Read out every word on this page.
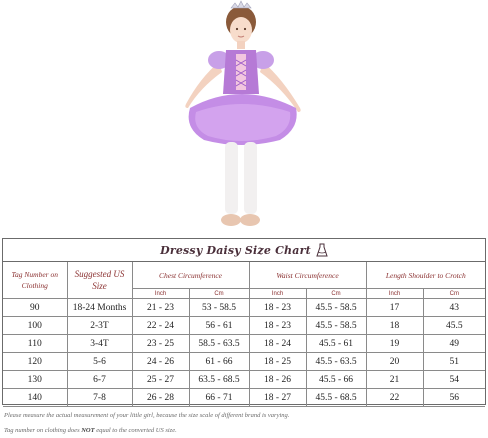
Dressy Daisy Size Chart
Tag Number on Clothing	Suggested US Size	Chest Circumference		Waist Circumference		Length Shoulder to Crotch	
		Inch	Cm	Inch	Cm	Inch	Cm
90	18-24 Months	21 - 23	53 - 58.5	18 - 23	45.5 - 58.5	17	43
100	2-3T	22 - 24	56 - 61	18 - 23	45.5 - 58.5	18	45.5
110	3-4T	23 - 25	58.5 - 63.5	18 - 24	45.5 - 61	19	49
120	5-6	24 - 26	61 - 66	18 - 25	45.5 - 63.5	20	51
130	6-7	25 - 27	63.5 - 68.5	18 - 26	45.5 - 66	21	54
140	7-8	26 - 28	66 - 71	18 - 27	45.5 - 68.5	22	56
Please measure the actual measurement of your little girl, because the size scale of different brand is varying.
Tag number on clothing does NOT equal to the converted US size.
